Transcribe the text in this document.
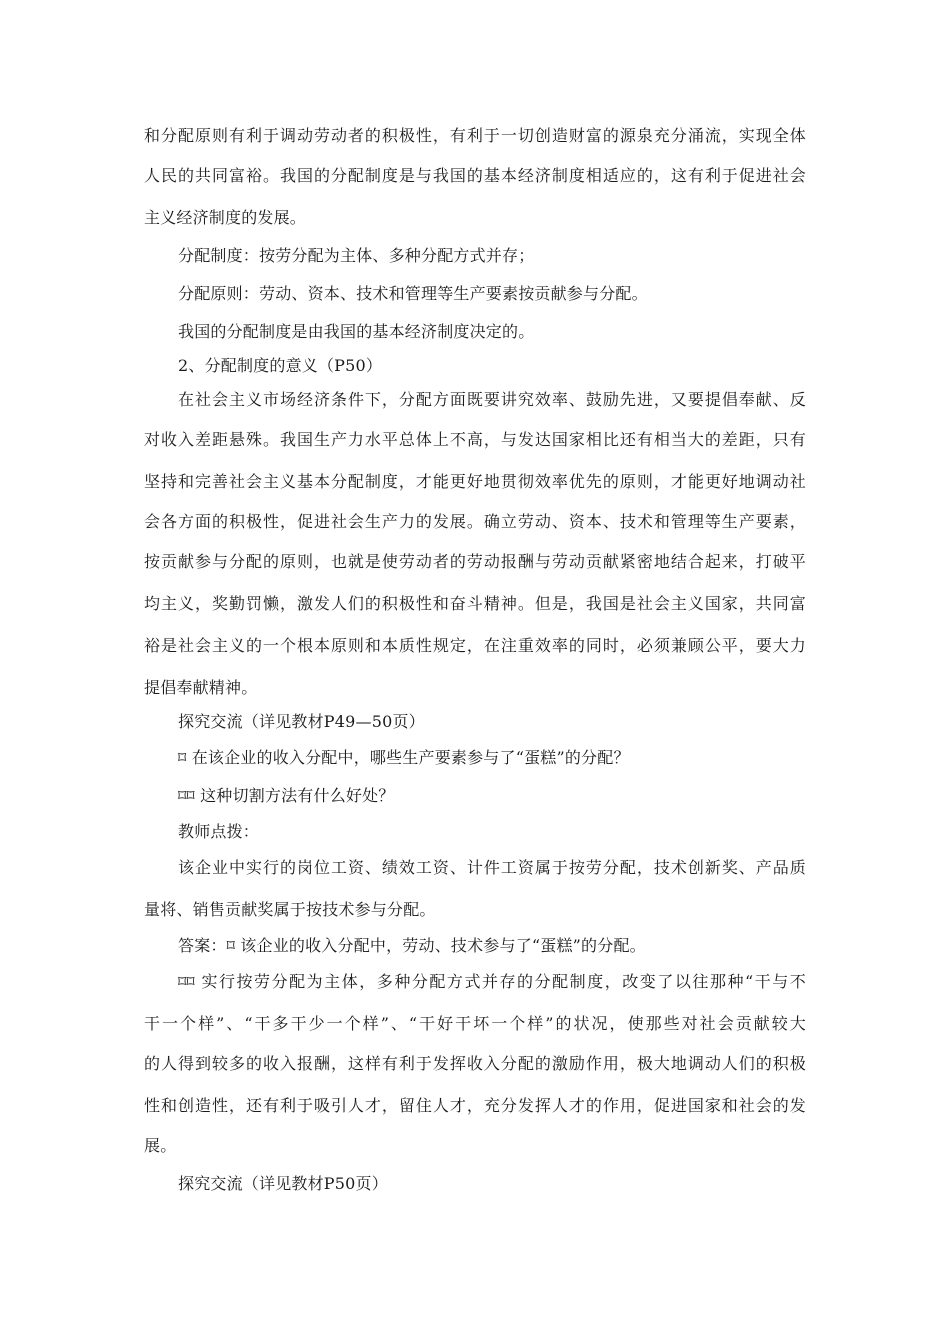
和分配原则有利于调动劳动者的积极性，有利于一切创造财富的源泉充分涌流，实现全体
人民的共同富裕。我国的分配制度是与我国的基本经济制度相适应的，这有利于促进社会
主义经济制度的发展。
分配制度：按劳分配为主体、多种分配方式并存；
分配原则：劳动、资本、技术和管理等生产要素按贡献参与分配。
我国的分配制度是由我国的基本经济制度决定的。
2、分配制度的意义（P50）
在社会主义市场经济条件下，分配方面既要讲究效率、鼓励先进，又要提倡奉献、反
对收入差距悬殊。我国生产力水平总体上不高，与发达国家相比还有相当大的差距，只有
坚持和完善社会主义基本分配制度，才能更好地贯彻效率优先的原则，才能更好地调动社
会各方面的积极性，促进社会生产力的发展。确立劳动、资本、技术和管理等生产要素，
按贡献参与分配的原则，也就是使劳动者的劳动报酬与劳动贡献紧密地结合起来，打破平
均主义，奖勤罚懒，激发人们的积极性和奋斗精神。但是，我国是社会主义国家，共同富
裕是社会主义的一个根本原则和本质性规定，在注重效率的同时，必须兼顾公平，要大力
提倡奉献精神。
探究交流（详见教材P49—50页）
⌑ 在该企业的收入分配中，哪些生产要素参与了“蛋糕”的分配？
⌑⌑ 这种切割方法有什么好处？
教师点拨：
该企业中实行的岗位工资、绩效工资、计件工资属于按劳分配，技术创新奖、产品质
量将、销售贡献奖属于按技术参与分配。
答案：⌑ 该企业的收入分配中，劳动、技术参与了“蛋糕”的分配。
⌑⌑ 实行按劳分配为主体，多种分配方式并存的分配制度，改变了以往那种“干与不
干一个样”、“干多干少一个样”、“干好干坏一个样”的状况，使那些对社会贡献较大
的人得到较多的收入报酬，这样有利于发挥收入分配的激励作用，极大地调动人们的积极
性和创造性，还有利于吸引人才，留住人才，充分发挥人才的作用，促进国家和社会的发
展。
探究交流（详见教材P50页）
